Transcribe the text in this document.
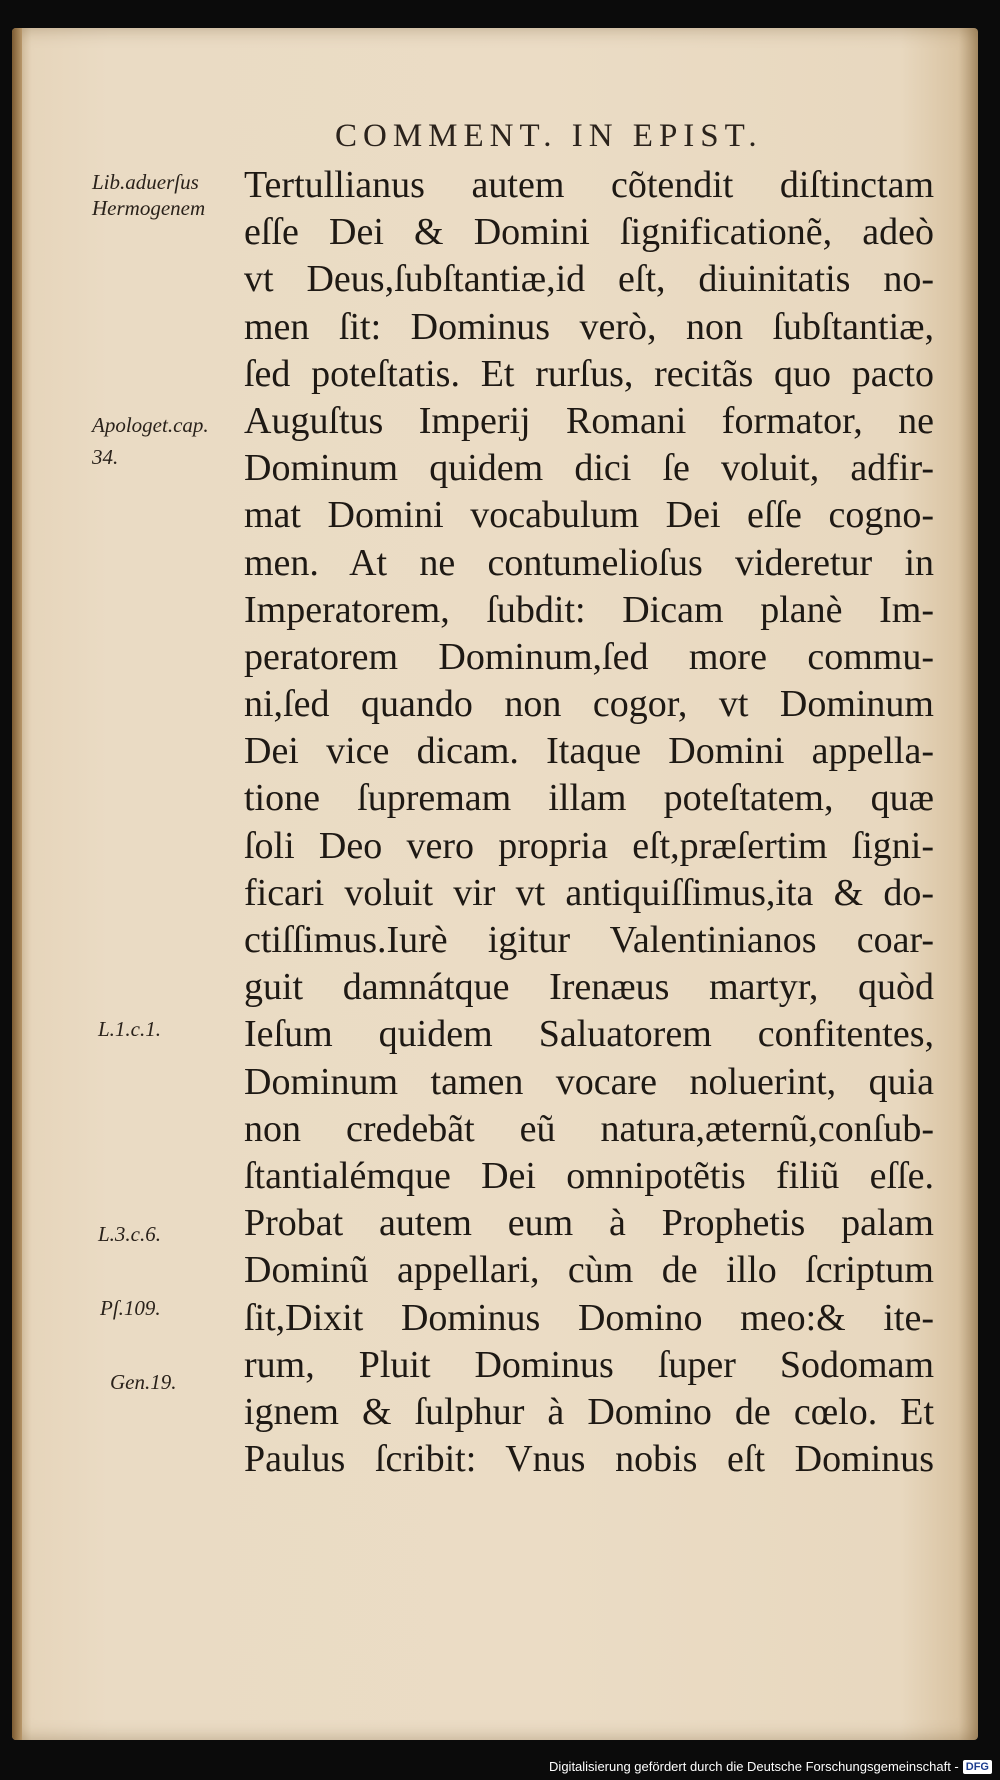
COMMENT. IN EPIST.
Tertullianus autem cõtendit diſtinctam
eſſe Dei & Domini ſignificationẽ, adeò
vt Deus,ſubſtantiæ,id eſt, diuinitatis no-
men ſit: Dominus verò, non ſubſtantiæ,
ſed poteſtatis. Et rurſus, recitãs quo pacto
Auguſtus Imperij Romani formator, ne
Dominum quidem dici ſe voluit, adfir-
mat Domini vocabulum Dei eſſe cogno-
men. At ne contumelioſus videretur in
Imperatorem, ſubdit: Dicam planè Im-
peratorem Dominum,ſed more commu-
ni,ſed quando non cogor, vt Dominum
Dei vice dicam. Itaque Domini appella-
tione ſupremam illam poteſtatem, quæ
ſoli Deo vero propria eſt,præſertim ſigni-
ficari voluit vir vt antiquiſſimus,ita & do-
ctiſſimus.Iurè igitur Valentinianos coar-
guit damnátque Irenæus martyr, quòd
Ieſum quidem Saluatorem confitentes,
Dominum tamen vocare noluerint, quia
non credebãt eũ natura,æternũ,conſub-
ſtantialémque Dei omnipotẽtis filiũ eſſe.
Probat autem eum à Prophetis palam
Dominũ appellari, cùm de illo ſcriptum
ſit,Dixit Dominus Domino meo:& ite-
rum, Pluit Dominus ſuper Sodomam
ignem & ſulphur à Domino de cœlo. Et
Paulus ſcribit: Vnus nobis eſt Dominus
Lib.aduerſus
Hermogenem
Apologet.cap.
34.
L.1.c.1.
L.3.c.6.
Pſ.109.
Gen.19.
Digitalisierung gefördert durch die Deutsche Forschungsgemeinschaft - DFG
